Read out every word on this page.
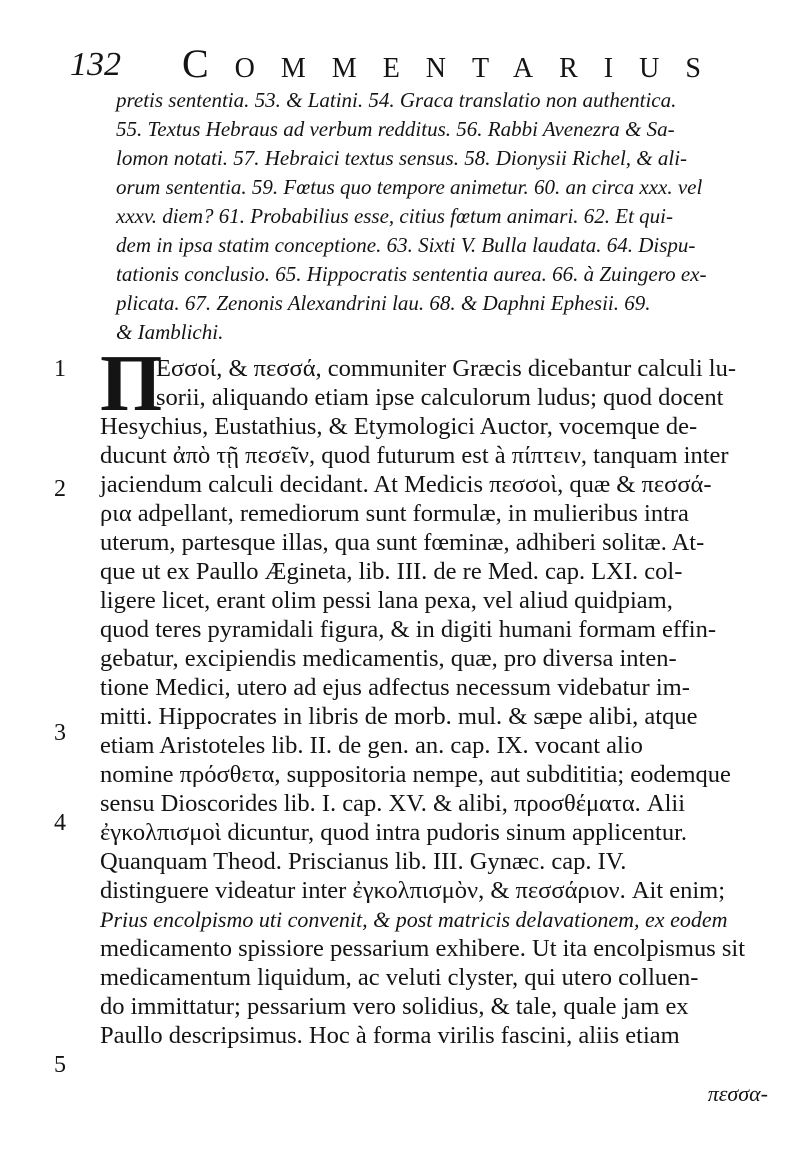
132 Commentarius
pretis sententia. 53. & Latini. 54. Graca translatio non authentica.
55. Textus Hebraus ad verbum redditus. 56. Rabbi Avenezra & Sa-
lomon notati. 57. Hebraici textus sensus. 58. Dionysii Richel, & ali-
orum sententia. 59. Fœtus quo tempore animetur. 60. an circa xxx. vel
xxxv. diem? 61. Probabilius esse, citius fœtum animari. 62. Et qui-
dem in ipsa statim conceptione. 63. Sixti V. Bulla laudata. 64. Dispu-
tationis conclusio. 65. Hippocratis sententia aurea. 66. à Zuingero ex-
plicata. 67. Zenonis Alexandrini lau. 68. & Daphni Ephesii. 69.
& Iamblichi.
Π
Εσσοί, & πεσσά, communiter Græcis dicebantur calculi lu-
sorii, aliquando etiam ipse calculorum ludus; quod docent
Hesychius, Eustathius, & Etymologici Auctor, vocemque de-
ducunt ἀπὸ τῇ πεσεῖν, quod futurum est à πίπτειν, tanquam inter
jaciendum calculi decidant. At Medicis πεσσοὶ, quæ & πεσσά-
ρια adpellant, remediorum sunt formulæ, in mulieribus intra
uterum, partesque illas, qua sunt fœminæ, adhiberi solitæ. At-
que ut ex Paullo Ægineta, lib. III. de re Med. cap. LXI. col-
ligere licet, erant olim pessi lana pexa, vel aliud quidpiam,
quod teres pyramidali figura, & in digiti humani formam effin-
gebatur, excipiendis medicamentis, quæ, pro diversa inten-
tione Medici, utero ad ejus adfectus necessum videbatur im-
mitti. Hippocrates in libris de morb. mul. & sæpe alibi, atque
etiam Aristoteles lib. II. de gen. an. cap. IX. vocant alio
nomine πρόσθετα, suppositoria nempe, aut subdititia; eodemque
sensu Dioscorides lib. I. cap. XV. & alibi, προσθέματα. Alii
ἐγκολπισμοὶ dicuntur, quod intra pudoris sinum applicentur.
Quanquam Theod. Priscianus lib. III. Gynæc. cap. IV.
distinguere videatur inter ἐγκολπισμὸν, & πεσσάριον. Ait enim;
Prius encolpismo uti convenit, & post matricis delavationem, ex eodem
medicamento spissiore pessarium exhibere. Ut ita encolpismus sit
medicamentum liquidum, ac veluti clyster, qui utero colluen-
do immittatur; pessarium vero solidius, & tale, quale jam ex
Paullo descripsimus. Hoc à forma virilis fascini, aliis etiam
1
2
3
4
5
πεσσα-
